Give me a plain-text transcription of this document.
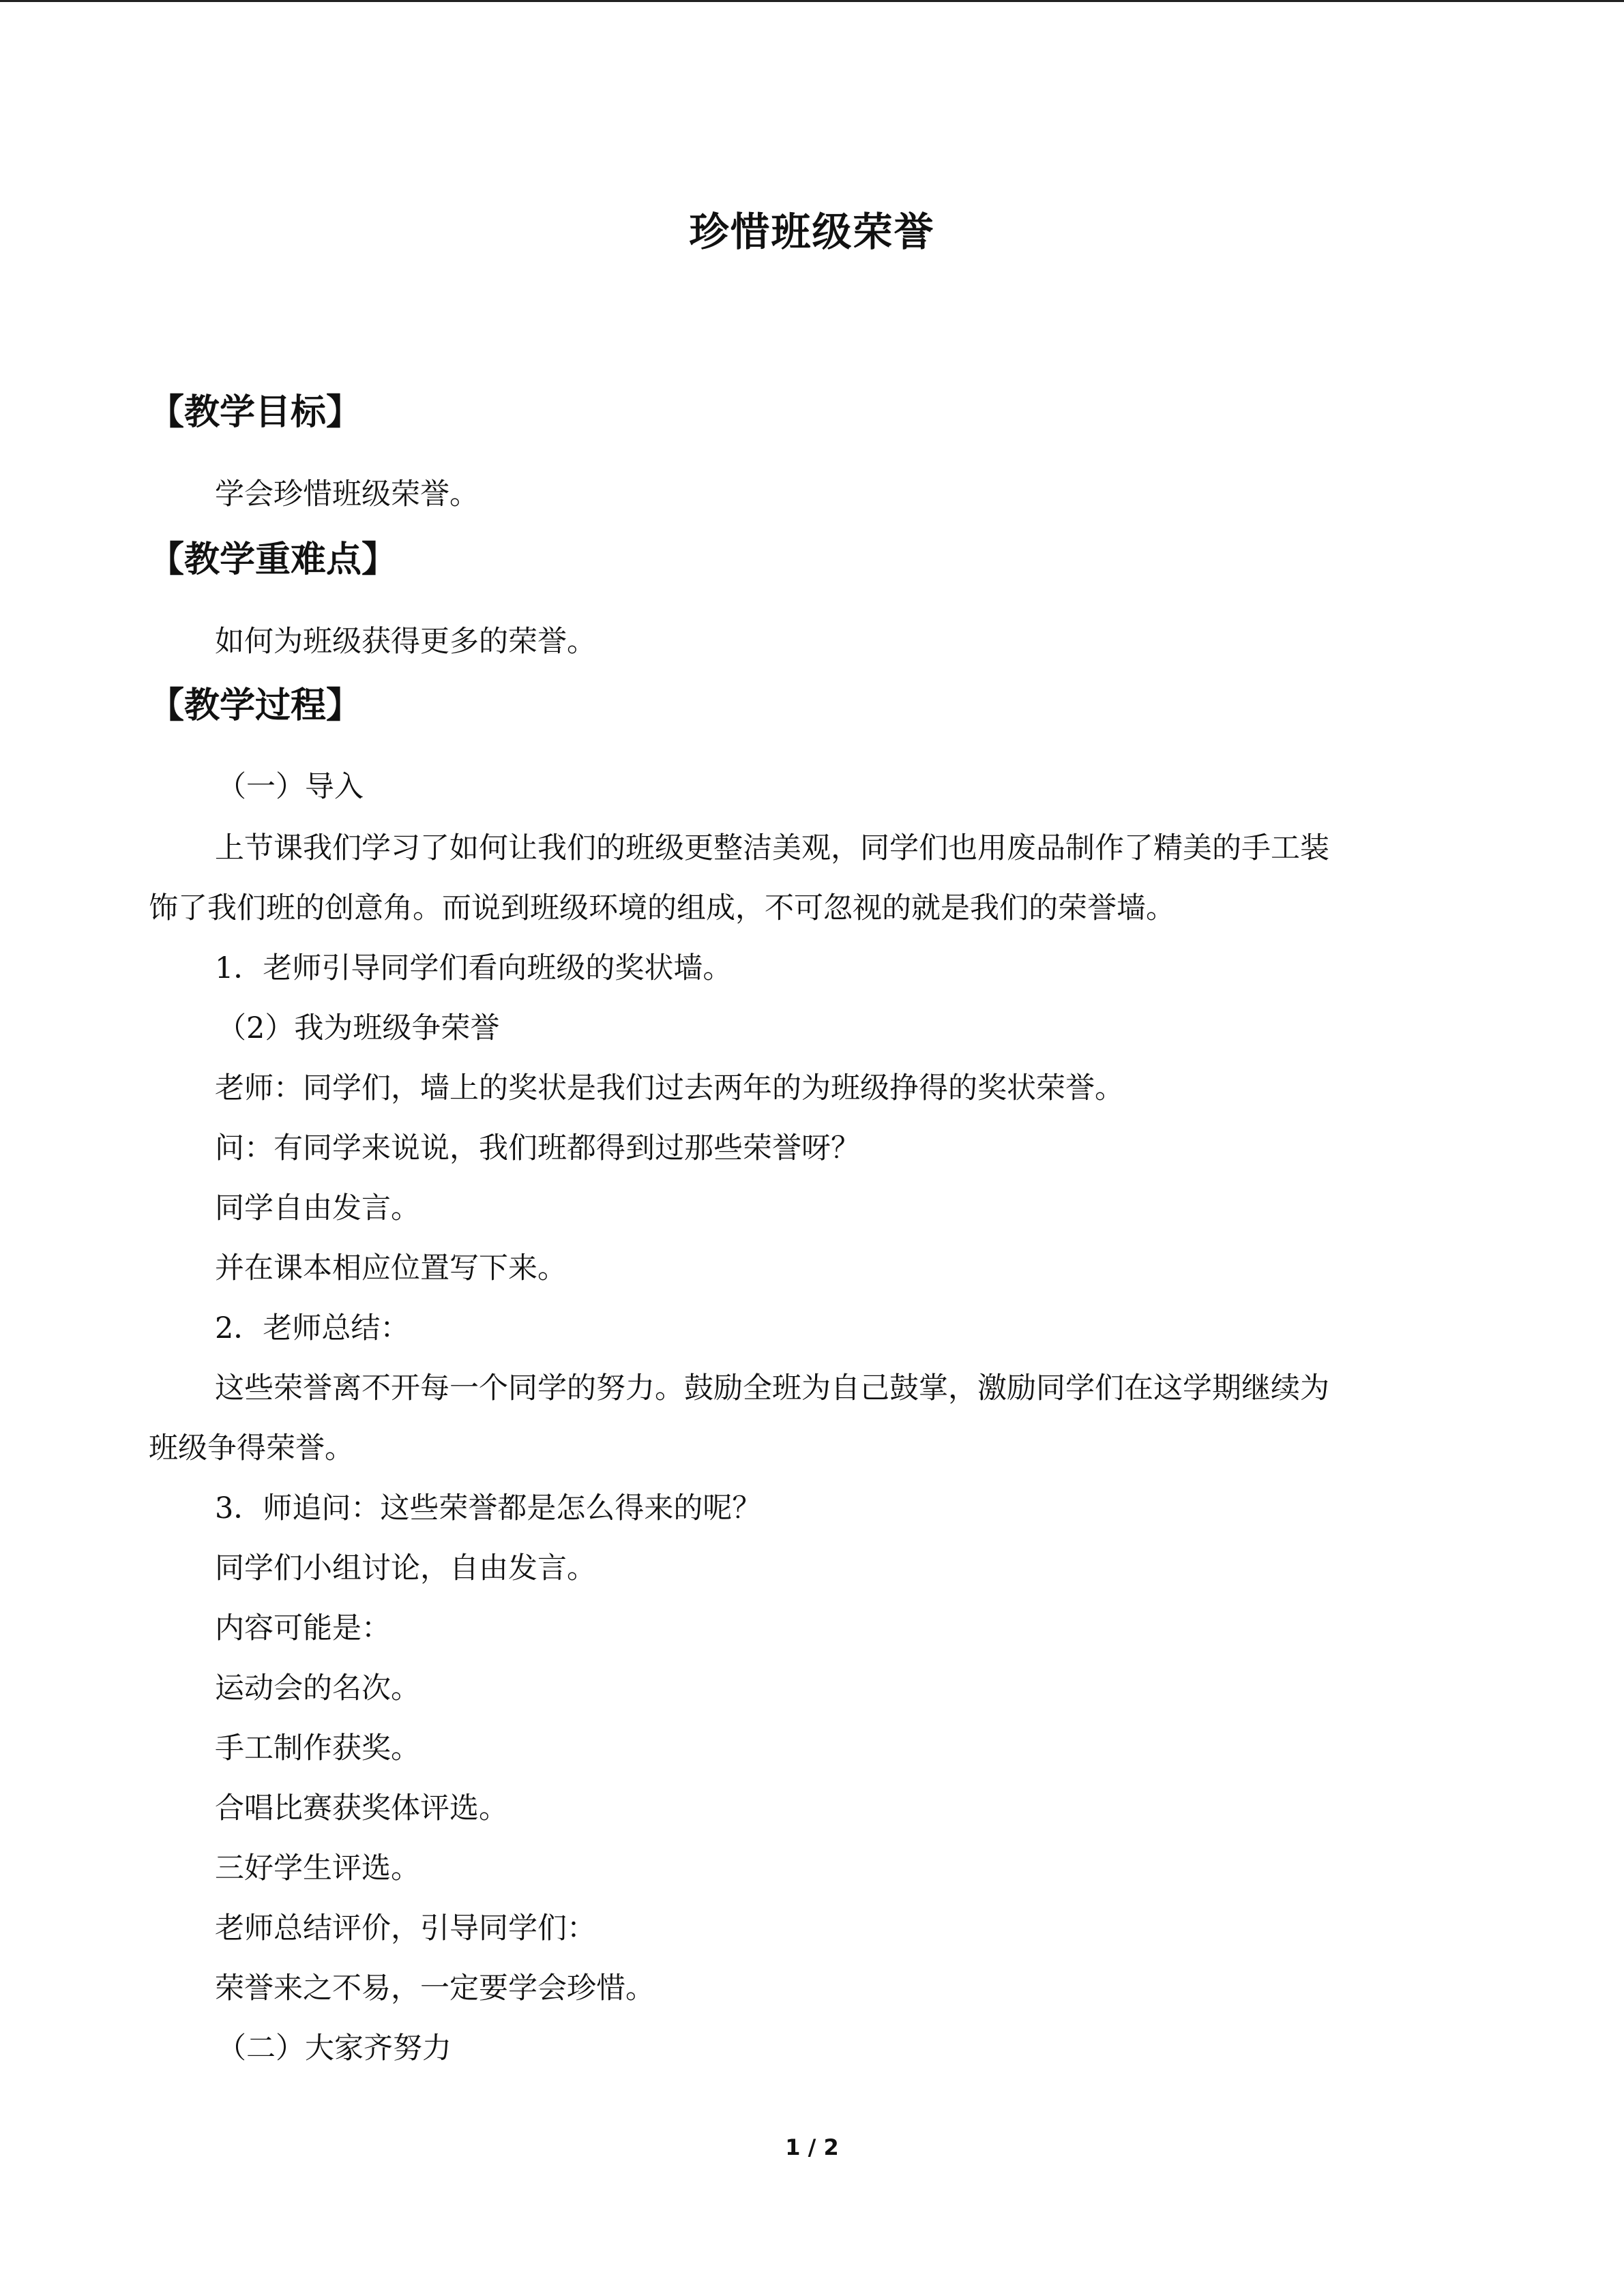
珍惜班级荣誉
【教学目标】
学会珍惜班级荣誉。
【教学重难点】
如何为班级获得更多的荣誉。
【教学过程】
（一）导入
上节课我们学习了如何让我们的班级更整洁美观，同学们也用废品制作了精美的手工装
饰了我们班的创意角。而说到班级环境的组成，不可忽视的就是我们的荣誉墙。
1．老师引导同学们看向班级的奖状墙。
（2）我为班级争荣誉
老师：同学们，墙上的奖状是我们过去两年的为班级挣得的奖状荣誉。
问：有同学来说说，我们班都得到过那些荣誉呀？
同学自由发言。
并在课本相应位置写下来。
2．老师总结：
这些荣誉离不开每一个同学的努力。鼓励全班为自己鼓掌，激励同学们在这学期继续为
班级争得荣誉。
3．师追问：这些荣誉都是怎么得来的呢？
同学们小组讨论，自由发言。
内容可能是：
运动会的名次。
手工制作获奖。
合唱比赛获奖体评选。
三好学生评选。
老师总结评价，引导同学们：
荣誉来之不易，一定要学会珍惜。
（二）大家齐努力
1 / 2
